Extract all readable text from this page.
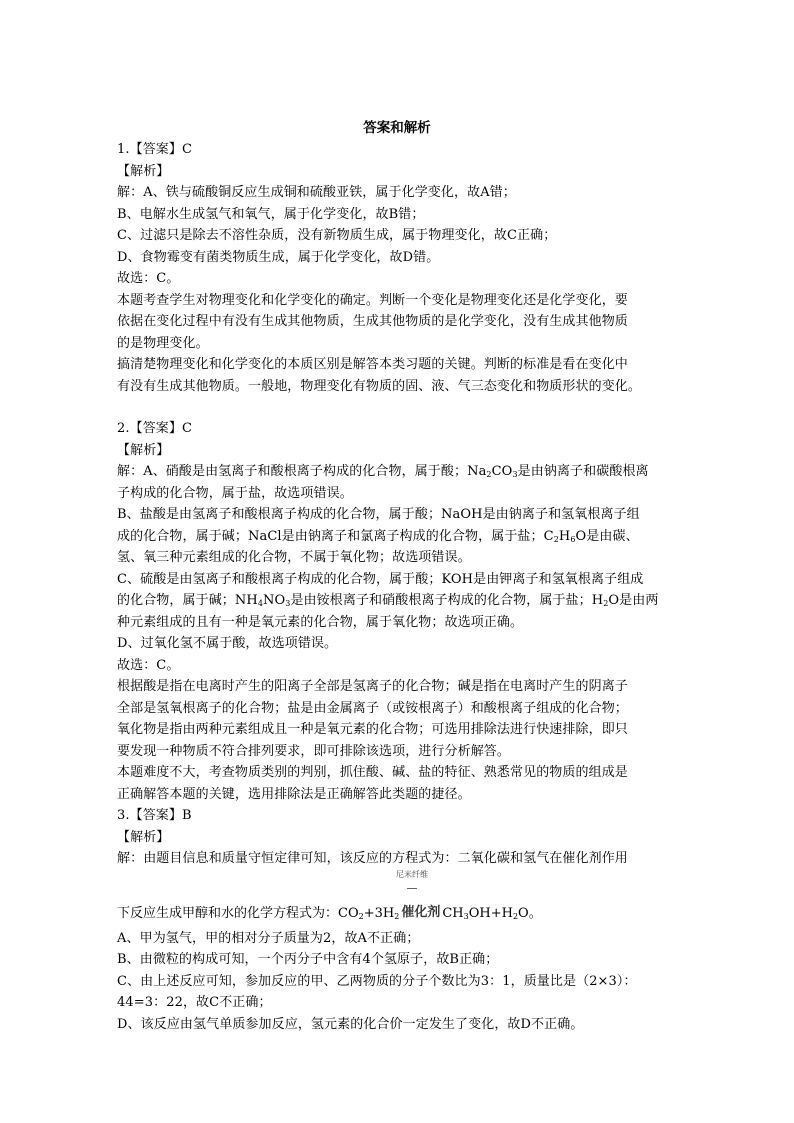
答案和解析
1.【答案】C
【解析】
解：A、铁与硫酸铜反应生成铜和硫酸亚铁，属于化学变化，故A错；
B、电解水生成氢气和氧气，属于化学变化，故B错；
C、过滤只是除去不溶性杂质，没有新物质生成，属于物理变化，故C正确；
D、食物霉变有菌类物质生成，属于化学变化，故D错。
故选：C。
本题考查学生对物理变化和化学变化的确定。判断一个变化是物理变化还是化学变化，要
依据在变化过程中有没有生成其他物质，生成其他物质的是化学变化，没有生成其他物质
的是物理变化。
搞清楚物理变化和化学变化的本质区别是解答本类习题的关键。判断的标准是看在变化中
有没有生成其他物质。一般地，物理变化有物质的固、液、气三态变化和物质形状的变化。
2.【答案】C
【解析】
解：A、硝酸是由氢离子和酸根离子构成的化合物，属于酸；$Na_2CO_3$是由钠离子和碳酸根离
子构成的化合物，属于盐，故选项错误。
B、盐酸是由氢离子和酸根离子构成的化合物，属于酸；NaOH是由钠离子和氢氧根离子组
成的化合物，属于碱；NaCl是由钠离子和氯离子构成的化合物，属于盐；$C_2H_6O$是由碳、
氢、氧三种元素组成的化合物，不属于氧化物；故选项错误。
C、硫酸是由氢离子和酸根离子构成的化合物，属于酸；KOH是由钾离子和氢氧根离子组成
的化合物，属于碱；$NH_4NO_3$是由铵根离子和硝酸根离子构成的化合物，属于盐；$H_2O$是由两
种元素组成的且有一种是氧元素的化合物，属于氧化物；故选项正确。
D、过氧化氢不属于酸，故选项错误。
故选：C。
根据酸是指在电离时产生的阳离子全部是氢离子的化合物；碱是指在电离时产生的阴离子
全部是氢氧根离子的化合物；盐是由金属离子（或铵根离子）和酸根离子组成的化合物；
氧化物是指由两种元素组成且一种是氧元素的化合物；可选用排除法进行快速排除，即只
要发现一种物质不符合排列要求，即可排除该选项，进行分析解答。
本题难度不大，考查物质类别的判别，抓住酸、碱、盐的特征、熟悉常见的物质的组成是
正确解答本题的关键，选用排除法是正确解答此类题的捷径。
3.【答案】B
【解析】
解：由题目信息和质量守恒定律可知，该反应的方程式为：二氧化碳和氢气在催化剂作用
尼米纤维
下反应生成甲醇和水的化学方程式为：$CO_2+3H_2$ 催化剂 $CH_3OH+H_2O$。
A、甲为氢气，甲的相对分子质量为2，故A不正确；
B、由微粒的构成可知，一个丙分子中含有4个氢原子，故B正确；
C、由上述反应可知，参加反应的甲、乙两物质的分子个数比为3：1，质量比是（2×3）：
44=3：22，故C不正确；
D、该反应由氢气单质参加反应，氢元素的化合价一定发生了变化，故D不正确。
